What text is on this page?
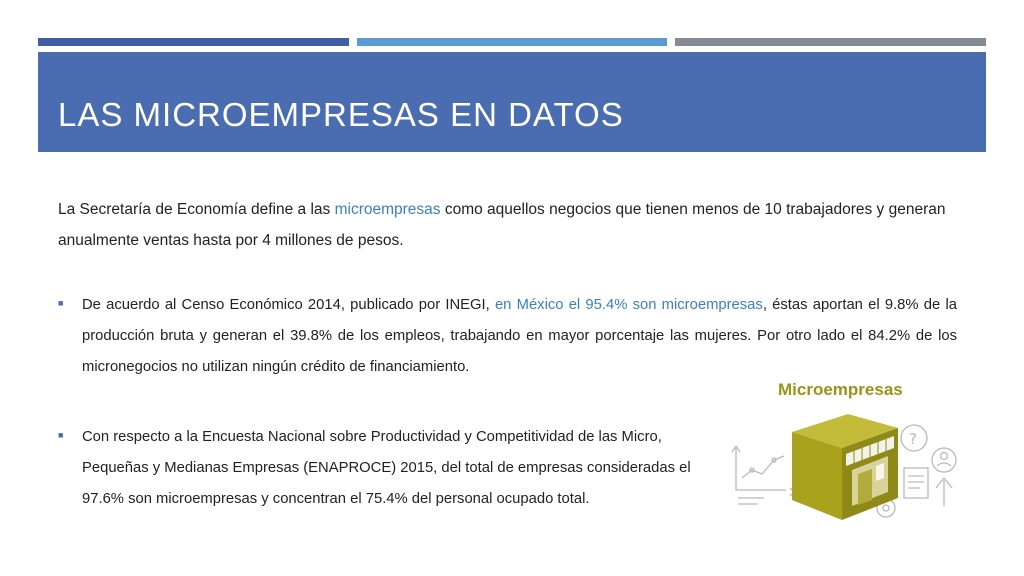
LAS MICROEMPRESAS EN DATOS
La Secretaría de Economía define a las microempresas como aquellos negocios que tienen menos de 10 trabajadores y generan anualmente ventas hasta por 4 millones de pesos.
■ De acuerdo al Censo Económico 2014, publicado por INEGI, en México el 95.4% son microempresas, éstas aportan el 9.8% de la producción bruta y generan el 39.8% de los empleos, trabajando en mayor porcentaje las mujeres. Por otro lado el 84.2% de los micronegocios no utilizan ningún crédito de financiamiento.
■ Con respecto a la Encuesta Nacional sobre Productividad y Competitividad de las Micro,
Pequeñas y Medianas Empresas (ENAPROCE) 2015, del total de empresas consideradas el
97.6% son microempresas y concentran el 75.4% del personal ocupado total.
Microempresas
?
